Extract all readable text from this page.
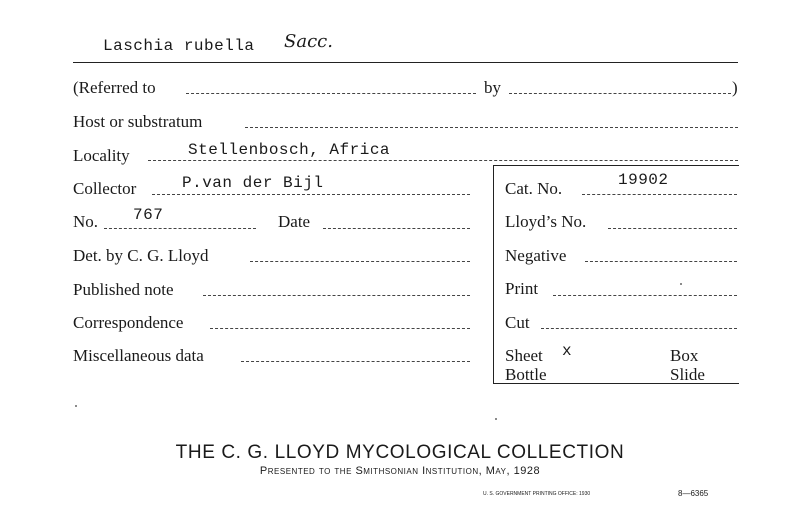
Laschia rubella Sacc.
(Referred to	by	)
Host or substratum
Locality	Stellenbosch, Africa
Collector	P.van der Bijl
No. 767	Date
Det. by C. G. Lloyd
Published note
Correspondence
Miscellaneous data
Cat. No.	19902
Lloyd’s No.
Negative
Print
Cut
Sheet x	Box
Bottle	Slide
THE C. G. LLOYD MYCOLOGICAL COLLECTION
Presented to the Smithsonian Institution, May, 1928
U. S. GOVERNMENT PRINTING OFFICE: 1930	8—6365
